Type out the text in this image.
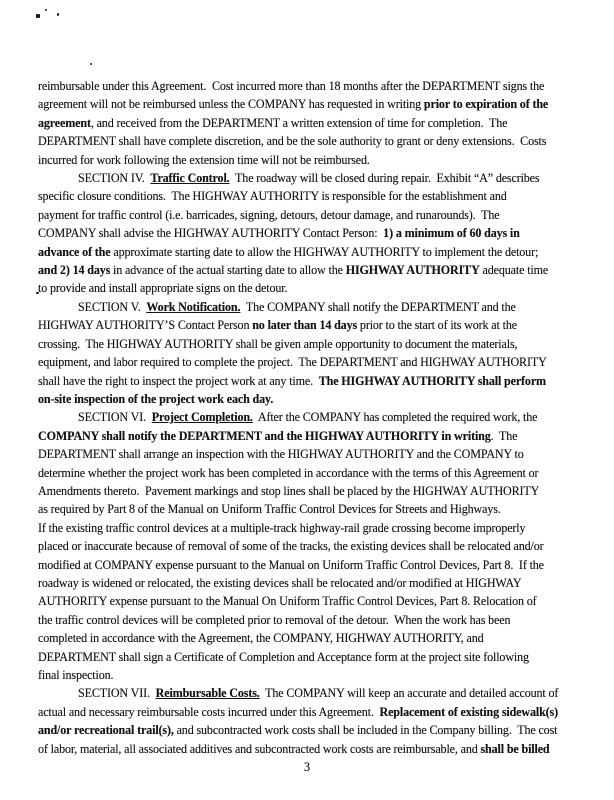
reimbursable under this Agreement.  Cost incurred more than 18 months after the DEPARTMENT signs the
agreement will not be reimbursed unless the COMPANY has requested in writing prior to expiration of the
agreement, and received from the DEPARTMENT a written extension of time for completion.  The
DEPARTMENT shall have complete discretion, and be the sole authority to grant or deny extensions.  Costs
incurred for work following the extension time will not be reimbursed.
SECTION IV.  Traffic Control.  The roadway will be closed during repair.  Exhibit “A” describes
specific closure conditions.  The HIGHWAY AUTHORITY is responsible for the establishment and
payment for traffic control (i.e. barricades, signing, detours, detour damage, and runarounds).  The
COMPANY shall advise the HIGHWAY AUTHORITY Contact Person:  1) a minimum of 60 days in
advance of the approximate starting date to allow the HIGHWAY AUTHORITY to implement the detour;
and 2) 14 days in advance of the actual starting date to allow the HIGHWAY AUTHORITY adequate time
to provide and install appropriate signs on the detour.
SECTION V.  Work Notification.  The COMPANY shall notify the DEPARTMENT and the
HIGHWAY AUTHORITY’S Contact Person no later than 14 days prior to the start of its work at the
crossing.  The HIGHWAY AUTHORITY shall be given ample opportunity to document the materials,
equipment, and labor required to complete the project.  The DEPARTMENT and HIGHWAY AUTHORITY
shall have the right to inspect the project work at any time.  The HIGHWAY AUTHORITY shall perform
on-site inspection of the project work each day.
SECTION VI.  Project Completion.  After the COMPANY has completed the required work, the
COMPANY shall notify the DEPARTMENT and the HIGHWAY AUTHORITY in writing.  The
DEPARTMENT shall arrange an inspection with the HIGHWAY AUTHORITY and the COMPANY to
determine whether the project work has been completed in accordance with the terms of this Agreement or
Amendments thereto.  Pavement markings and stop lines shall be placed by the HIGHWAY AUTHORITY
as required by Part 8 of the Manual on Uniform Traffic Control Devices for Streets and Highways.
If the existing traffic control devices at a multiple-track highway-rail grade crossing become improperly
placed or inaccurate because of removal of some of the tracks, the existing devices shall be relocated and/or
modified at COMPANY expense pursuant to the Manual on Uniform Traffic Control Devices, Part 8.  If the
roadway is widened or relocated, the existing devices shall be relocated and/or modified at HIGHWAY
AUTHORITY expense pursuant to the Manual On Uniform Traffic Control Devices, Part 8. Relocation of
the traffic control devices will be completed prior to removal of the detour.  When the work has been
completed in accordance with the Agreement, the COMPANY, HIGHWAY AUTHORITY, and
DEPARTMENT shall sign a Certificate of Completion and Acceptance form at the project site following
final inspection.
SECTION VII.  Reimbursable Costs.  The COMPANY will keep an accurate and detailed account of
actual and necessary reimbursable costs incurred under this Agreement.  Replacement of existing sidewalk(s)
and/or recreational trail(s), and subcontracted work costs shall be included in the Company billing.  The cost
of labor, material, all associated additives and subcontracted work costs are reimbursable, and shall be billed
3
